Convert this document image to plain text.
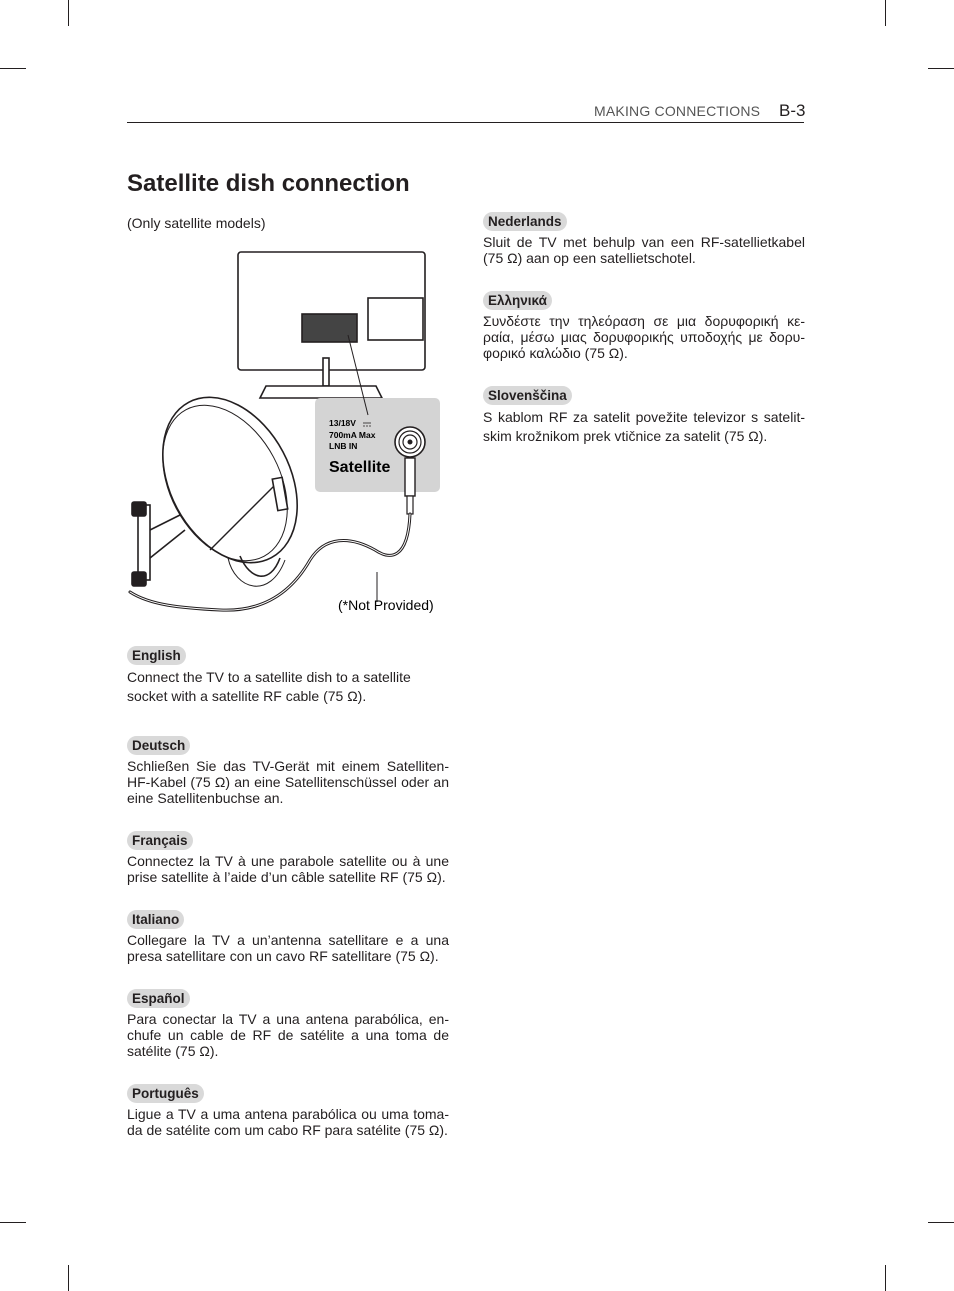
MAKING CONNECTIONS B-3
Satellite dish connection
(Only satellite models)
13/18V
700mA Max
LNB IN
Satellite
(*Not Provided)
English

Connect the TV to a satellite dish to a satellite socket with a satellite RF cable (75 Ω).

Deutsch

Schließen Sie das TV-Gerät mit einem Satelliten-HF-Kabel (75 Ω) an eine Satellitenschüssel oder an eine Satellitenbuchse an.

Français

Connectez la TV à une parabole satellite ou à une prise satellite à l’aide d’un câble satellite RF (75 Ω).

Italiano

Collegare la TV a un’antenna satellitare e a una presa satellitare con un cavo RF satellitare (75 Ω).

Español

Para conectar la TV a una antena parabólica, en-chufe un cable de RF de satélite a una toma de satélite (75 Ω).

Português

Ligue a TV a uma antena parabólica ou uma toma-da de satélite com um cabo RF para satélite (75 Ω).

Nederlands

Sluit de TV met behulp van een RF-satellietkabel (75 Ω) aan op een satellietschotel.

Ελληνικά

Συνδέστε την τηλεόραση σε μια δορυφορική κε-ραία, μέσω μιας δορυφορικής υποδοχής με δορυ-φορικό καλώδιο (75 Ω).

Slovenščina

S kablom RF za satelit povežite televizor s satelit-skim krožnikom prek vtičnice za satelit (75 Ω).
